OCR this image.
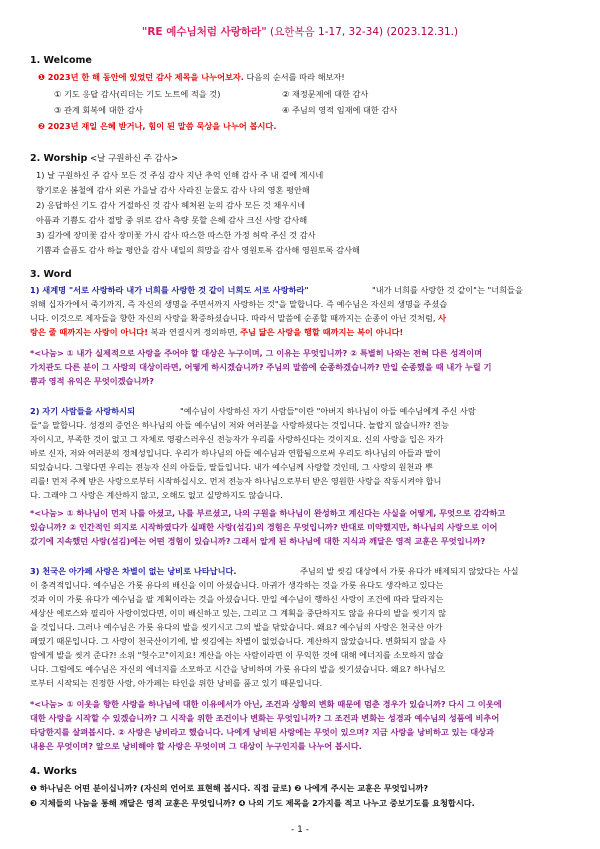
"RE 예수님처럼 사랑하라" (요한복음 1-17, 32-34) (2023.12.31.)
1. Welcome
❶ 2023년 한 해 동안에 있었던 감사 제목을 나누어보자. 다음의 순서를 따라 해보자!
① 기도 응답 감사(리더는 기도 노트에 적을 것)	② 재정문제에 대한 감사
③ 관계 회복에 대한 감사	④ 주님의 영적 임재에 대한 감사
❷ 2023년 재일 은혜 받거나, 힘이 된 말씀 묵상을 나누어 봅시다.
2. Worship <날 구원하신 주 감사>
1) 날 구원하신 주 감사 모든 것 주심 감사 지난 추억 인해 감사 주 내 곁에 계시네
향기로운 봄철에 감사 외론 가을날 감사 사라진 눈물도 감사 나의 영혼 평안해
2) 응답하신 기도 감사 거절하신 것 감사 헤쳐왼 눈의 감사 모든 것 채우시네
아픔과 기쁨도 감사 절망 중 위로 감사 측량 못할 은혜 감사 크신 사랑 감사해
3) 길가에 장미꽃 감사 장미꽃 가시 감사 따스한 따스한 가정 허락 주신 것 감사
기쁨과 슬픔도 감사 하늘 평안을 감사 내일의 희망을 감사 영원토록 감사해 영원토록 감사해
3. Word
1) 새계명 "서로 사랑하라 내가 너희를 사랑한 것 같이 너희도 서로 사랑하라"	"내가 너희를 사랑한 것 같이"는 "너희들을
위해 십자가에서 죽기까지, 즉 자신의 생명을 주면서까지 사랑하는 것"을 말합니다. 즉 예수님은 자신의 생명을 주셨습
니다. 이것으로 제자들을 향한 자신의 사랑을 확증하셨습니다. 따라서 말씀에 순종할 때까지는 순종이 아닌 것처럼, 사
랑은 줄 때까지는 사랑이 아니다! 복과 연결시켜 정의하면, 주님 닮은 사랑을 행할 때까지는 복이 아니다!
*<나눔> ① 내가 실제적으로 사랑을 주어야 할 대상은 누구이며, 그 이유는 무엇입니까? ② 특별히 나와는 전혀 다른 성격이며
가치관도 다른 분이 그 사랑의 대상이라면, 어떻게 하시겠습니까? 주님의 말씀에 순종하겠습니까? 만일 순종했을 때 내가 누릴 기
쁨과 영적 유익은 무엇이겠습니까?
2) 자기 사람들을 사랑하시되	"예수님이 사랑하신 자기 사람들"이란 "아버지 하나님이 아들 예수님에게 주신 사람
들"을 말합니다. 성경의 증언은 하나님의 아들 예수님이 저와 여러분을 사랑하셨다는 것입니다. 놀랍지 않습니까? 전능
자이시고, 부족한 것이 없고 그 자체로 영광스러우신 전능자가 우리를 사랑하신다는 것이지요. 신의 사랑을 입은 자가
바로 신자, 저와 여러분의 정체성입니다. 우리가 하나님의 아들 예수님과 연합됨으로써 우리도 하나님의 아들과 딸이
되었습니다. 그렇다면 우리는 전능자 신의 아들들, 딸들입니다. 내가 예수님께 사랑할 것인데, 그 사랑의 원천과 뿌
리를! 먼저 주께 받은 사랑으로부터 시작하십시오. 먼저 전능자 하나님으로부터 받은 영원한 사랑을 작동시켜야 합니
다. 그래야 그 사랑은 계산하지 않고, 오해도 없고 실망하지도 않습니다.
*<나눔> ① 하나님이 먼저 나를 아셨고, 나를 부르셨고, 나의 구원을 하나님이 완성하고 계신다는 사실을 어떻게, 무엇으로 감각하고
있습니까? ② 인간적인 의지로 시작하였다가 실패한 사랑(섬김)의 경험은 무엇입니까? 반대로 미약했지만, 하나님의 사랑으로 이어
갔기에 지속했던 사랑(섬김)에는 어떤 경험이 있습니까? 그래서 알게 된 하나님에 대한 지식과 깨달은 영적 교훈은 무엇입니까?
3) 천국은 아가페 사랑은 차별이 없는 낭비로 나타납니다.	주님의 발 씻김 대상에서 가룟 유다가 배제되지 않았다는 사실
이 충격적입니다. 예수님은 가룟 유다의 배신을 이미 아셨습니다. 마귀가 생각하는 것을 가룟 유다도 생각하고 있다는
것과 이미 가룟 유다가 예수님을 팔 계획이라는 것을 아셨습니다. 만일 예수님이 행하신 사랑이 조건에 따라 달라지는
세상산 에로스와 필리아 사랑이었다면, 이미 배신하고 있는, 그리고 그 계획을 중단하지도 않을 유다의 발을 씻기지 않
을 것입니다. 그러나 예수님은 가룟 유다의 발을 씻기시고 그의 발을 닦았습니다. 왜요? 예수님의 사랑은 천국산 아가
페였기 때문입니다. 그 사랑이 천국산이기에, 발 씻김에는 차별이 없었습니다. 계산하지 않았습니다. 변화되지 않을 사
람에게 발을 씻겨 준다?! 소위 "헛수고"이지요! 계산을 아는 사람이라면 이 무익한 것에 대해 에너지를 소모하지 않습
니다. 그럼에도 예수님은 자신의 에너지를 소모하고 시간을 낭비하며 가룟 유다의 발을 씻기셨습니다. 왜요? 하나님으
로부터 시작되는 진정한 사랑, 아가페는 타인을 위한 낭비를 품고 있기 때문입니다.
*<나눔> ① 이웃을 향한 사랑을 하나님에 대한 이유에서가 아닌, 조건과 상황의 변화 때문에 멈춘 경우가 있습니까? 다시 그 이웃에
대한 사랑을 시작할 수 있겠습니까? 그 시작을 위한 조건이나 변화는 무엇입니까? 그 조건과 변화는 성경과 예수님의 성품에 비추어
타당한지를 살펴봅시다. ② 사랑은 낭비라고 했습니다. 나에게 낭비된 사랑에는 무엇이 있으며? 지금 사랑을 낭비하고 있는 대상과
내용은 무엇이며? 앞으로 낭비해야 할 사랑은 무엇이며 그 대상이 누구인지를 나누어 봅시다.
4. Works
❶ 하나님은 어떤 분이십니까? (자신의 언어로 표현해 봅시다. 직접 글로) ❷ 나에게 주시는 교훈은 무엇입니까?
❸ 지체들의 나눔을 통해 깨달은 영적 교훈은 무엇입니까? ❹ 나의 기도 제목을 2가지를 적고 나누고 중보기도를 요청합시다.
- 1 -
